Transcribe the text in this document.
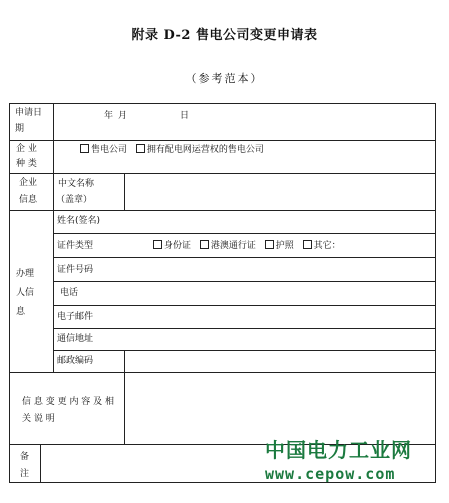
附录 D-2 售电公司变更申请表
（参考范本）
申请日
期
年 月	日
企 业
种 类
售电公司 拥有配电网运营权的售电公司
企业
信息
中文名称
（盖章）
办理
人信
息
姓名(签名)
证件类型	身份证 港澳通行证 护照 其它：
证件号码
电话
电子邮件
通信地址
邮政编码
信 息 变 更 内 容 及 相
关 说 明
备
注
中国电力工业网
www.cepow.com
